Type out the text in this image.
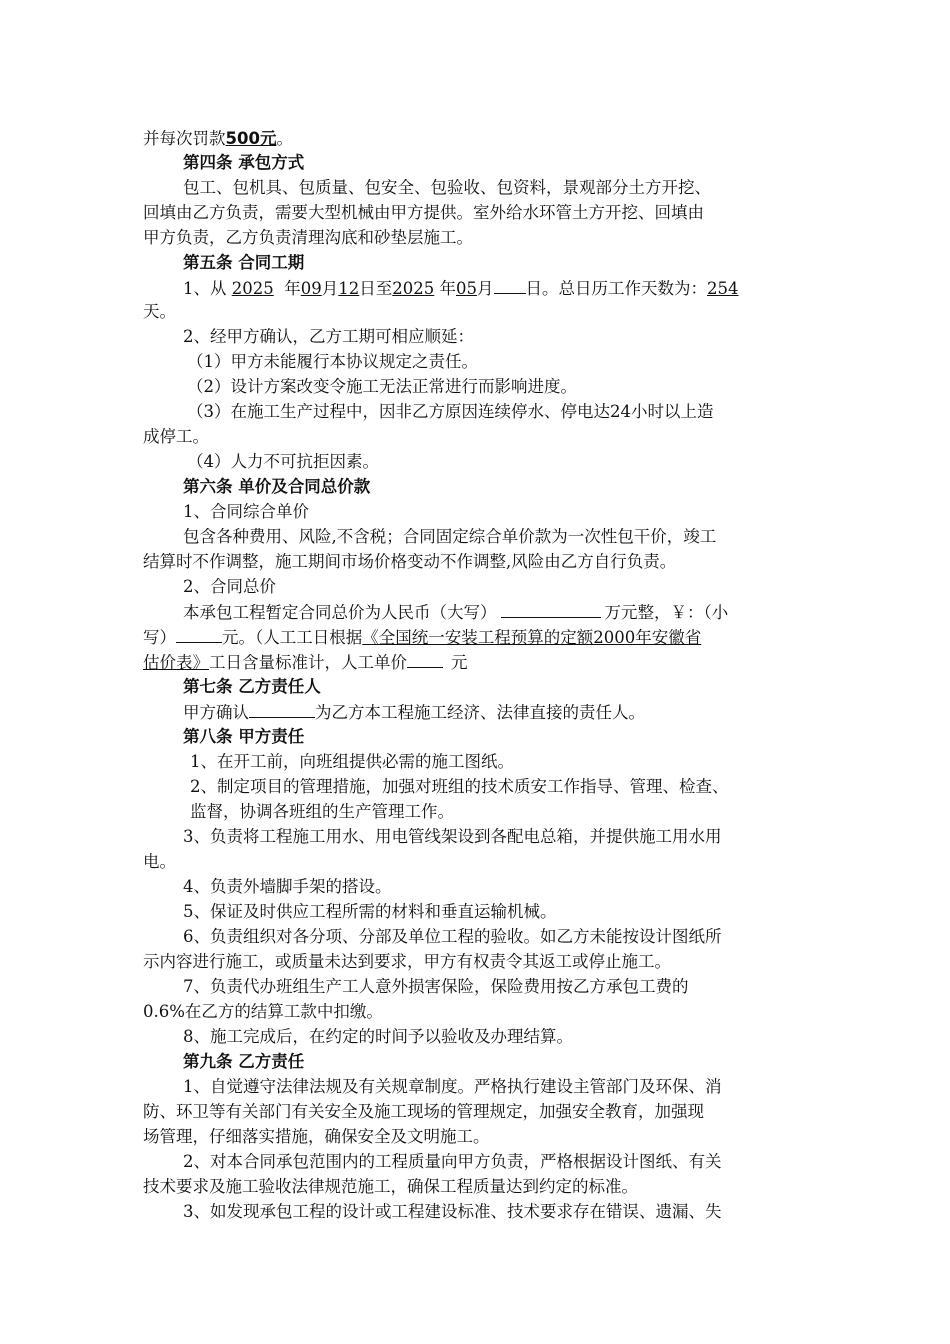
并每次罚款500元。
第四条 承包方式
包工、包机具、包质量、包安全、包验收、包资料，景观部分土方开挖、
回填由乙方负责，需要大型机械由甲方提供。室外给水环管土方开挖、回填由
甲方负责，乙方负责清理沟底和砂垫层施工。
第五条 合同工期
1、从 2025 年09月12日至2025 年05月 日。总日历工作天数为：254
天。
2、经甲方确认，乙方工期可相应顺延：
（1）甲方未能履行本协议规定之责任。
（2）设计方案改变令施工无法正常进行而影响进度。
（3）在施工生产过程中，因非乙方原因连续停水、停电达24小时以上造
成停工。
（4）人力不可抗拒因素。
第六条 单价及合同总价款
1、合同综合单价
包含各种费用、风险,不含税；合同固定综合单价款为一次性包干价，竣工
结算时不作调整，施工期间市场价格变动不作调整,风险由乙方自行负责。
2、合同总价
本承包工程暂定合同总价为人民币（大写）	万元整，￥：（小
写）	元。（人工工日根据《全国统一安装工程预算的定额2000年安徽省
估价表》工日含量标准计，人工单价	元
第七条 乙方责任人
甲方确认	为乙方本工程施工经济、法律直接的责任人。
第八条 甲方责任
1、在开工前，向班组提供必需的施工图纸。
2、制定项目的管理措施，加强对班组的技术质安工作指导、管理、检查、
监督，协调各班组的生产管理工作。
3、负责将工程施工用水、用电管线架设到各配电总箱，并提供施工用水用
电。
4、负责外墙脚手架的搭设。
5、保证及时供应工程所需的材料和垂直运输机械。
6、负责组织对各分项、分部及单位工程的验收。如乙方未能按设计图纸所
示内容进行施工，或质量未达到要求，甲方有权责令其返工或停止施工。
7、负责代办班组生产工人意外损害保险，保险费用按乙方承包工费的
0.6%在乙方的结算工款中扣缴。
8、施工完成后，在约定的时间予以验收及办理结算。
第九条 乙方责任
1、自觉遵守法律法规及有关规章制度。严格执行建设主管部门及环保、消
防、环卫等有关部门有关安全及施工现场的管理规定，加强安全教育，加强现
场管理，仔细落实措施，确保安全及文明施工。
2、对本合同承包范围内的工程质量向甲方负责，严格根据设计图纸、有关
技术要求及施工验收法律规范施工，确保工程质量达到约定的标准。
3、如发现承包工程的设计或工程建设标准、技术要求存在错误、遗漏、失
